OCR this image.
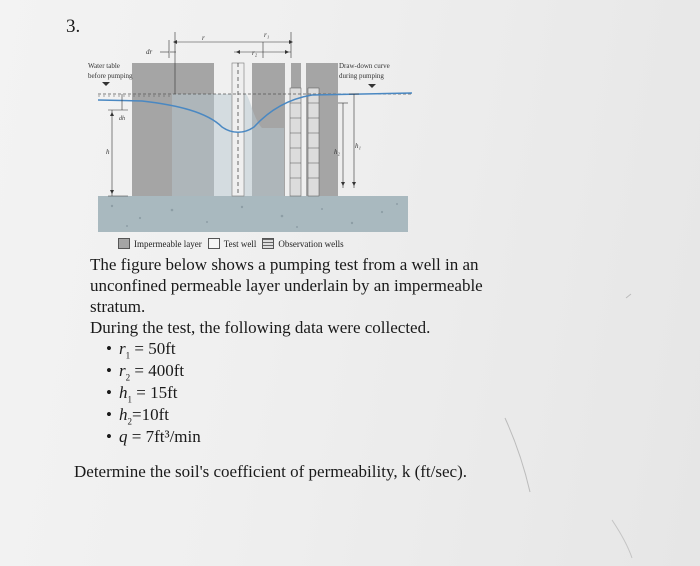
3.
Water table
before pumping
Draw-down curve
during pumping
dr
r	r₁
r₂
dh
h
h₁
h₂
Impermeable layer Test well Observation wells
The figure below shows a pumping test from a well in an
unconfined permeable layer underlain by an impermeable
stratum.
During the test, the following data were collected.
• $r_1 = 50ft$
• $r_2 = 400ft$
• $h_1 = 15ft$
• $h_2=10ft$
• q = 7ft³/min
Determine the soil's coefficient of permeability, k (ft/sec).
